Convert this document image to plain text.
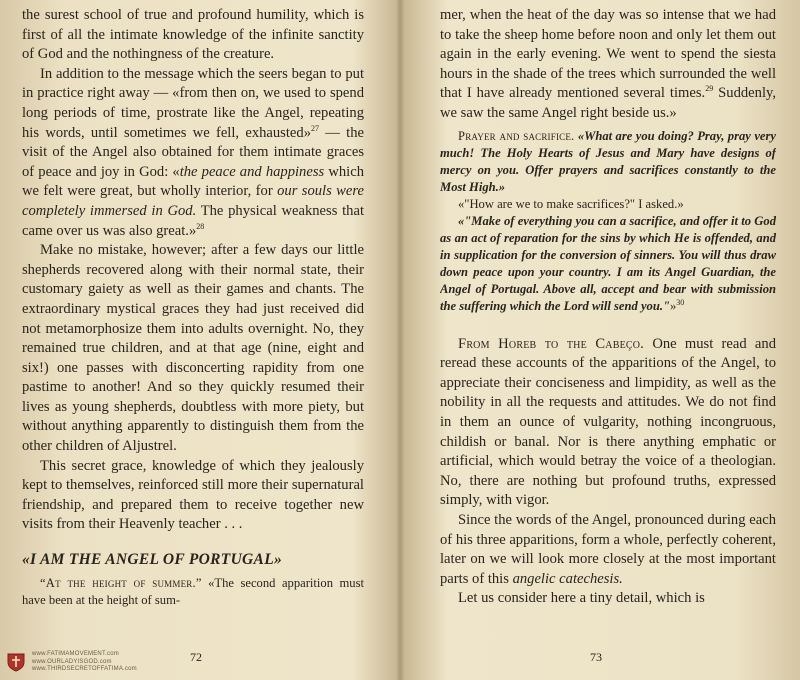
the surest school of true and profound humility, which is first of all the intimate knowledge of the infinite sanctity of God and the nothingness of the creature.

In addition to the message which the seers began to put in practice right away — «from then on, we used to spend long periods of time, prostrate like the Angel, repeating his words, until sometimes we fell, exhausted»$^{27}$ — the visit of the Angel also obtained for them intimate graces of peace and joy in God: «the peace and happiness which we felt were great, but wholly interior, for our souls were completely immersed in God. The physical weakness that came over us was also great.»$^{28}$

Make no mistake, however; after a few days our little shepherds recovered along with their normal state, their customary gaiety as well as their games and chants. The extraordinary mystical graces they had just received did not metamorphosize them into adults overnight. No, they remained true children, and at that age (nine, eight and six!) one passes with disconcerting rapidity from one pastime to another! And so they quickly resumed their lives as young shepherds, doubtless with more piety, but without anything apparently to distinguish them from the other children of Aljustrel.

This secret grace, knowledge of which they jealously kept to themselves, reinforced still more their supernatural friendship, and prepared them to receive together new visits from their Heavenly teacher . . .

«I AM THE ANGEL OF PORTUGAL»

“At the height of summer.” «The second apparition must have been at the height of sum-

mer, when the heat of the day was so intense that we had to take the sheep home before noon and only let them out again in the early evening. We went to spend the siesta hours in the shade of the trees which surrounded the well that I have already mentioned several times.$^{29}$ Suddenly, we saw the same Angel right beside us.»

Prayer and sacrifice. «What are you doing? Pray, pray very much! The Holy Hearts of Jesus and Mary have designs of mercy on you. Offer prayers and sacrifices constantly to the Most High.»

«"How are we to make sacrifices?" I asked.»

«"Make of everything you can a sacrifice, and offer it to God as an act of reparation for the sins by which He is offended, and in supplication for the conversion of sinners. You will thus draw down peace upon your country. I am its Angel Guardian, the Angel of Portugal. Above all, accept and bear with submission the suffering which the Lord will send you."»$^{30}$

From Horeb to the Cabeço. One must read and reread these accounts of the apparitions of the Angel, to appreciate their conciseness and limpidity, as well as the nobility in all the requests and attitudes. We do not find in them an ounce of vulgarity, nothing incongruous, childish or banal. Nor is there anything emphatic or artificial, which would betray the voice of a theologian. No, there are nothing but profound truths, expressed simply, with vigor.

Since the words of the Angel, pronounced during each of his three apparitions, form a whole, perfectly coherent, later on we will look more closely at the most important parts of this angelic catechesis.

Let us consider here a tiny detail, which is

72	73
www.FATIMAMOVEMENT.com
www.OURLADYISGOD.com
www.THIRDSECRETOFFATIMA.com
